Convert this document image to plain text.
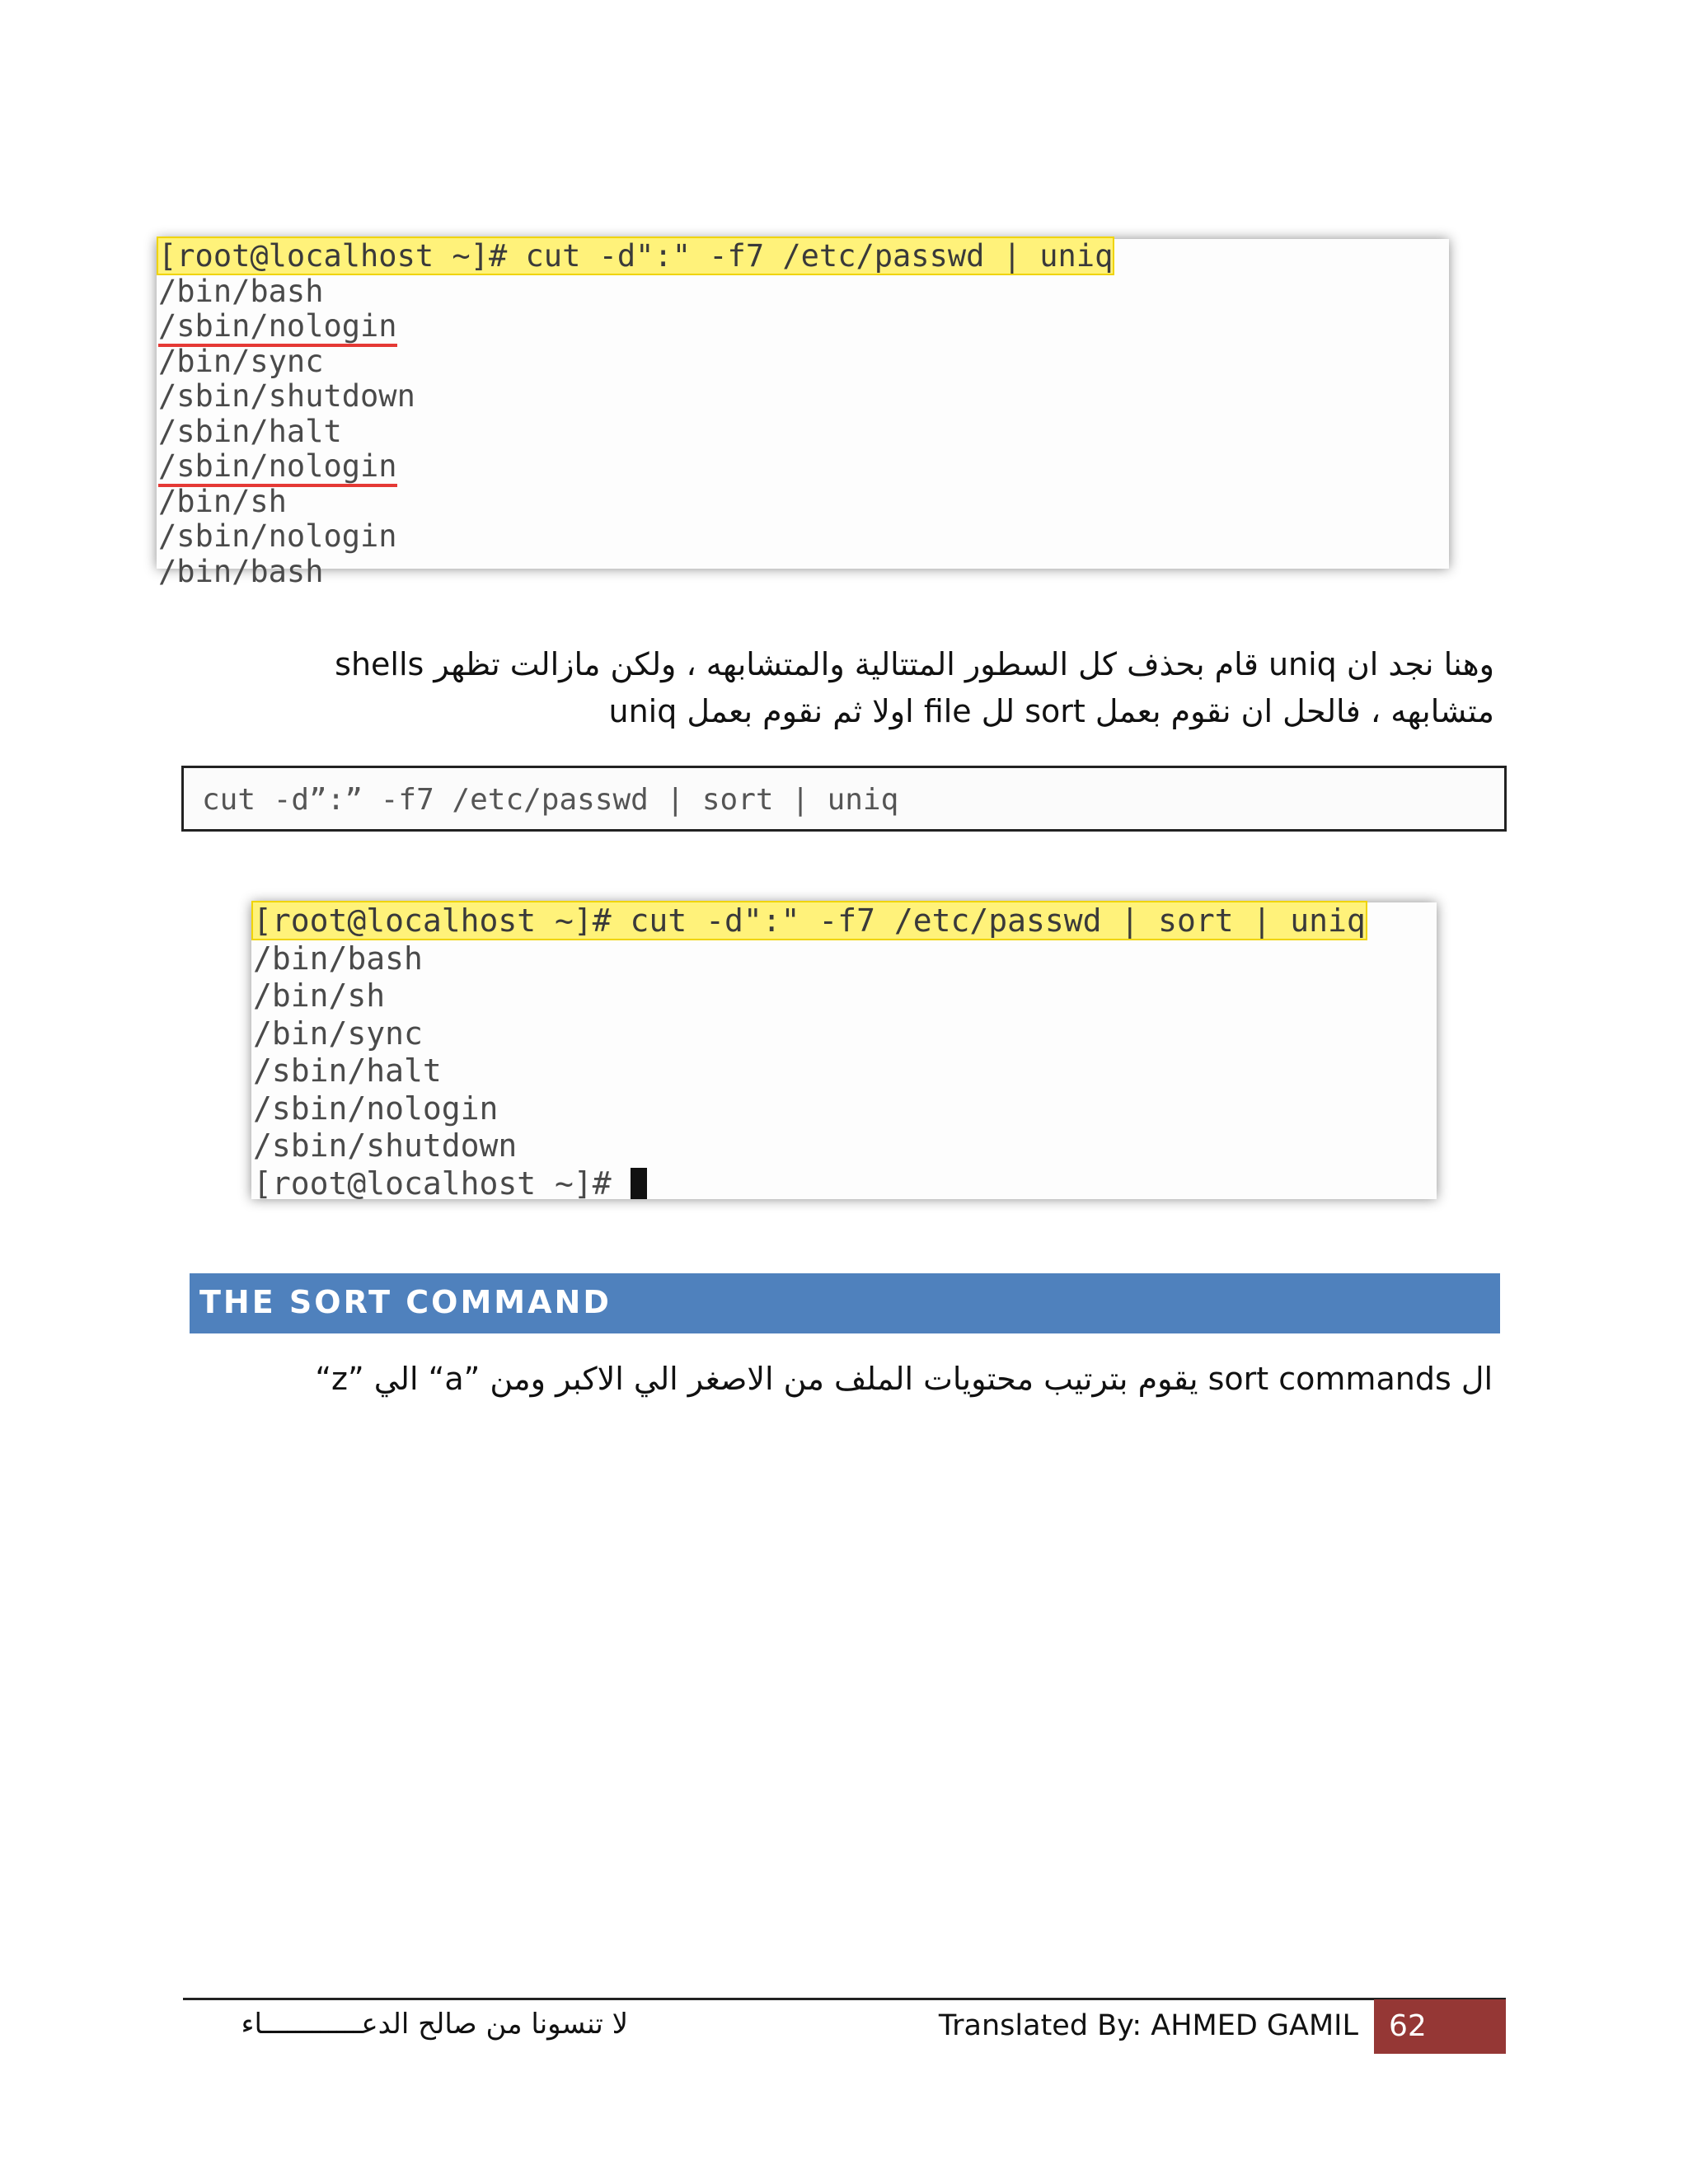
[root@localhost ~]# cut -d":" -f7 /etc/passwd | uniq
/bin/bash
/sbin/nologin
/bin/sync
/sbin/shutdown
/sbin/halt
/sbin/nologin
/bin/sh
/sbin/nologin
/bin/bash
وهنا نجد ان uniq قام بحذف كل السطور المتتالية والمتشابهه ، ولكن مازالت تظهر shells
متشابهه ، فالحل ان نقوم بعمل sort لل file اولا ثم نقوم بعمل uniq
cut -d”:” -f7 /etc/passwd | sort | uniq
[root@localhost ~]# cut -d":" -f7 /etc/passwd | sort | uniq
/bin/bash
/bin/sh
/bin/sync
/sbin/halt
/sbin/nologin
/sbin/shutdown
[root@localhost ~]#
THE SORT COMMAND
ال sort commands يقوم بترتيب محتويات الملف من الاصغر الي الاكبر ومن ”a“ الي ”z“
لا تنسونا من صالح الدعــــــــــــاء	Translated By: AHMED GAMIL 62
